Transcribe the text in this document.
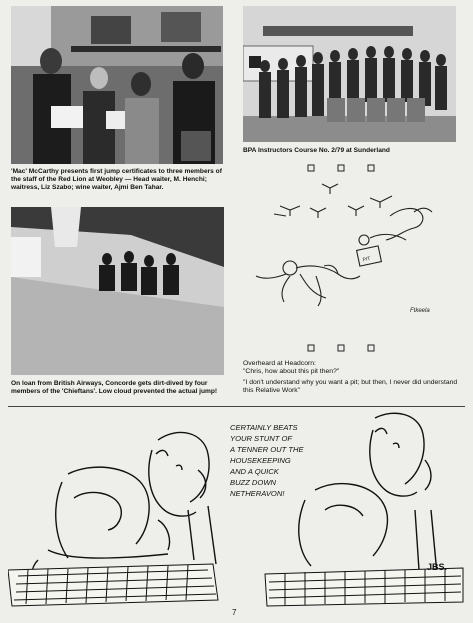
'Mac' McCarthy presents first jump certificates to three members of the staff of the Red Lion at Weobley — Head waiter, M. Henchi; waitress, Liz Szabo; wine waiter, Ajmi Ben Tahar.

BPA Instructors Course No. 2/79 at Sunderland

PIT
Ftkeela
Overheard at Headcorn:
"Chris, how about this pit then?"
"I don't understand why you want a pit; but then, I never did understand this Relative Work"

On loan from British Airways, Concorde gets dirt-dived by four members of the 'Chieftans'. Low cloud prevented the actual jump!

CERTAINLY BEATS
YOUR STUNT OF
A TENNER OUT THE
HOUSEKEEPING
AND A QUICK
BUZZ DOWN
NETHERAVON!
JBS.
7
